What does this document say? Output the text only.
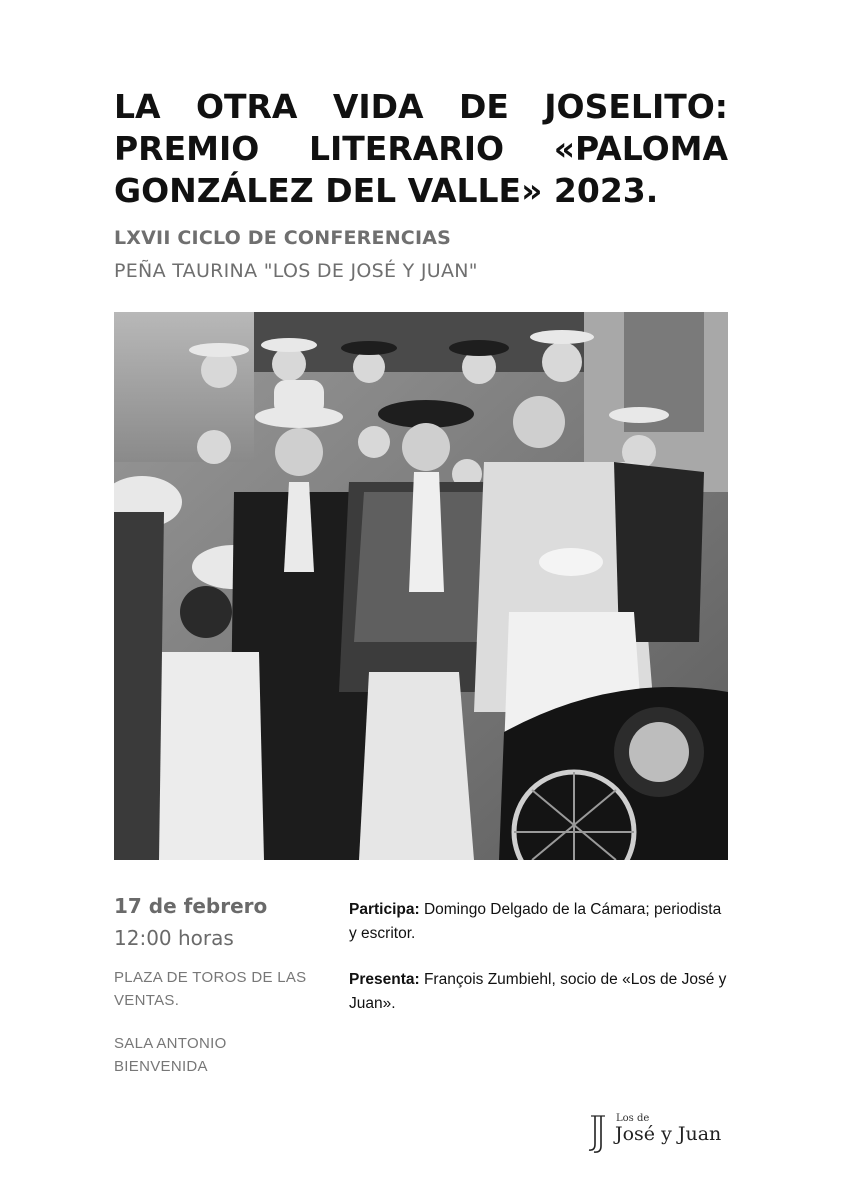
LA OTRA VIDA DE JOSELITO:
PREMIO LITERARIO «PALOMA
GONZÁLEZ DEL VALLE» 2023.
LXVII CICLO DE CONFERENCIAS
PEÑA TAURINA "LOS DE JOSÉ Y JUAN"
17 de febrero
12:00 horas
PLAZA DE TOROS DE LAS VENTAS.
SALA ANTONIO BIENVENIDA
Participa: Domingo Delgado de la Cámara; periodista y escritor.
Presenta: François Zumbiehl, socio de «Los de José y Juan».
Los de
José y Juan
